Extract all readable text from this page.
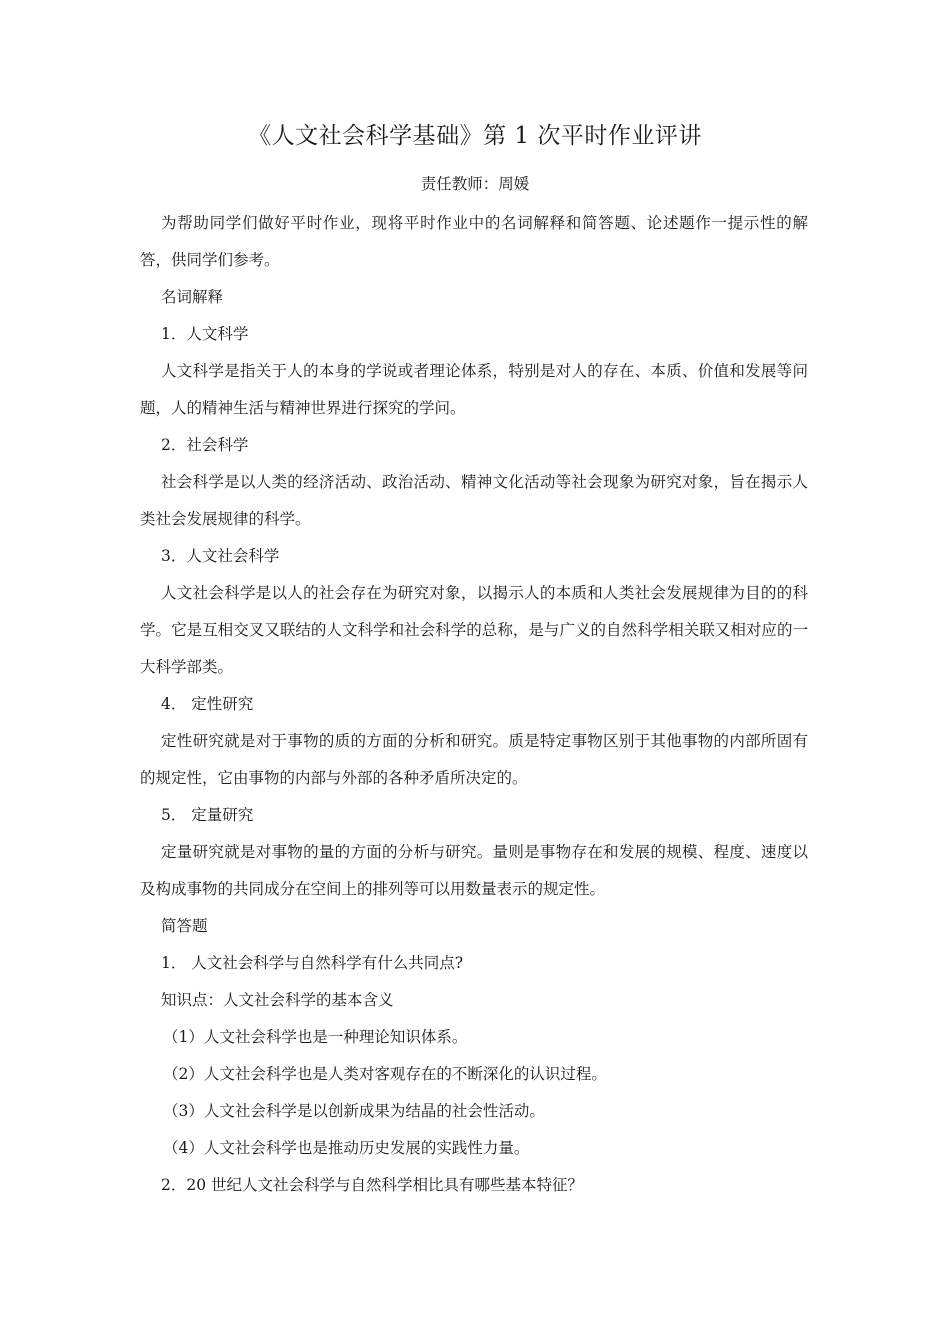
《人文社会科学基础》第 1 次平时作业评讲
责任教师：周媛

为帮助同学们做好平时作业，现将平时作业中的名词解释和简答题、论述题作一提示性的解答，供同学们参考。

名词解释

1．人文科学

人文科学是指关于人的本身的学说或者理论体系，特别是对人的存在、本质、价值和发展等问题，人的精神生活与精神世界进行探究的学问。

2．社会科学

社会科学是以人类的经济活动、政治活动、精神文化活动等社会现象为研究对象，旨在揭示人类社会发展规律的科学。

3．人文社会科学

人文社会科学是以人的社会存在为研究对象，以揭示人的本质和人类社会发展规律为目的的科学。它是互相交叉又联结的人文科学和社会科学的总称，是与广义的自然科学相关联又相对应的一大科学部类。

4． 定性研究

定性研究就是对于事物的质的方面的分析和研究。质是特定事物区别于其他事物的内部所固有的规定性，它由事物的内部与外部的各种矛盾所决定的。

5． 定量研究

定量研究就是对事物的量的方面的分析与研究。量则是事物存在和发展的规模、程度、速度以及构成事物的共同成分在空间上的排列等可以用数量表示的规定性。

简答题

1． 人文社会科学与自然科学有什么共同点?

知识点：人文社会科学的基本含义

（1）人文社会科学也是一种理论知识体系。

（2）人文社会科学也是人类对客观存在的不断深化的认识过程。

（3）人文社会科学是以创新成果为结晶的社会性活动。

（4）人文社会科学也是推动历史发展的实践性力量。

2．20 世纪人文社会科学与自然科学相比具有哪些基本特征？
